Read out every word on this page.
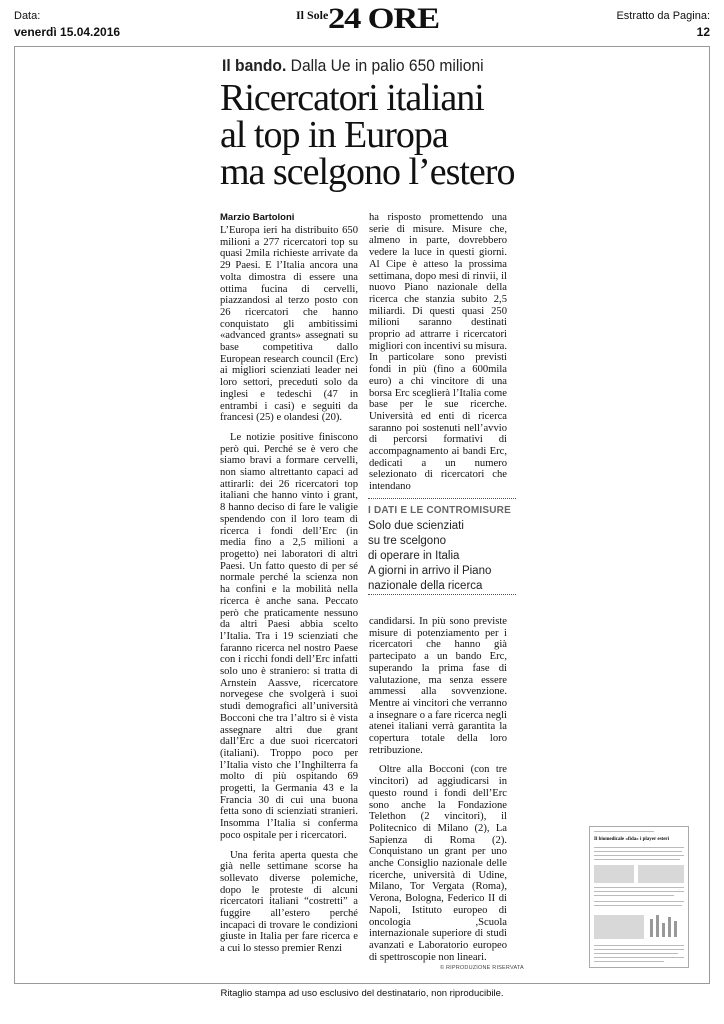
Data:
venerdì 15.04.2016
Il Sole 24 ORE	Estratto da Pagina:
12
Il bando. Dalla Ue in palio 650 milioni
Ricercatori italiani
al top in Europa
ma scelgono l’estero
Marzio Bartoloni

L’Europa ieri ha distribuito 650 milioni a 277 ricercatori top su quasi 2mila richieste arrivate da 29 Paesi. E l’Italia ancora una volta dimostra di essere una ottima fucina di cervelli, piazzandosi al terzo posto con 26 ricercatori che hanno conquistato gli ambitissimi «advanced grants» assegnati su base competitiva dallo European research council (Erc) ai migliori scienziati leader nei loro settori, preceduti solo da inglesi e tedeschi (47 in entrambi i casi) e seguiti da francesi (25) e olandesi (20).

Le notizie positive finiscono però qui. Perché se è vero che siamo bravi a formare cervelli, non siamo altrettanto capaci ad attirarli: dei 26 ricercatori top italiani che hanno vinto i grant, 8 hanno deciso di fare le valigie spendendo con il loro team di ricerca i fondi dell’Erc (in media fino a 2,5 milioni a progetto) nei laboratori di altri Paesi. Un fatto questo di per sé normale perché la scienza non ha confini e la mobilità nella ricerca è anche sana. Peccato però che praticamente nessuno da altri Paesi abbia scelto l’Italia. Tra i 19 scienziati che faranno ricerca nel nostro Paese con i ricchi fondi dell’Erc infatti solo uno è straniero: si tratta di Arnstein Aassve, ricercatore norvegese che svolgerà i suoi studi demografici all’università Bocconi che tra l’altro si è vista assegnare altri due grant dall’Erc a due suoi ricercatori (italiani). Troppo poco per l’Italia visto che l’Inghilterra fa molto di più ospitando 69 progetti, la Germania 43 e la Francia 30 di cui una buona fetta sono di scienziati stranieri. Insomma l’Italia si conferma poco ospitale per i ricercatori.

Una ferita aperta questa che già nelle settimane scorse ha sollevato diverse polemiche, dopo le proteste di alcuni ricercatori italiani “costretti” a fuggire all’estero perché incapaci di trovare le condizioni giuste in Italia per fare ricerca e a cui lo stesso premier Renzi

ha risposto promettendo una serie di misure. Misure che, almeno in parte, dovrebbero vedere la luce in questi giorni. Al Cipe è atteso la prossima settimana, dopo mesi di rinvii, il nuovo Piano nazionale della ricerca che stanzia subito 2,5 miliardi. Di questi quasi 250 milioni saranno destinati proprio ad attrarre i ricercatori migliori con incentivi su misura. In particolare sono previsti fondi in più (fino a 600mila euro) a chi vincitore di una borsa Erc sceglierà l’Italia come base per le sue ricerche. Università ed enti di ricerca saranno poi sostenuti nell’avvio di percorsi formativi di accompagnamento ai bandi Erc, dedicati a un numero selezionato di ricercatori che intendano

I DATI E LE CONTROMISURE
Solo due scienziati
su tre scelgono
di operare in Italia
A giorni in arrivo il Piano
nazionale della ricerca

candidarsi. In più sono previste misure di potenziamento per i ricercatori che hanno già partecipato a un bando Erc, superando la prima fase di valutazione, ma senza essere ammessi alla sovvenzione. Mentre ai vincitori che verranno a insegnare o a fare ricerca negli atenei italiani verrà garantita la copertura totale della loro retribuzione.

Oltre alla Bocconi (con tre vincitori) ad aggiudicarsi in questo round i fondi dell’Erc sono anche la Fondazione Telethon (2 vincitori), il Politecnico di Milano (2), La Sapienza di Roma (2). Conquistano un grant per uno anche Consiglio nazionale delle ricerche, università di Udine, Milano, Tor Vergata (Roma), Verona, Bologna, Federico II di Napoli, Istituto europeo di oncologia ,Scuola internazionale superiore di studi avanzati e Laboratorio europeo di spettroscopie non lineari.

© RIPRODUZIONE RISERVATA
Il biomedicale «fida» i player esteri
Ritaglio stampa ad uso esclusivo del destinatario, non riproducibile.
